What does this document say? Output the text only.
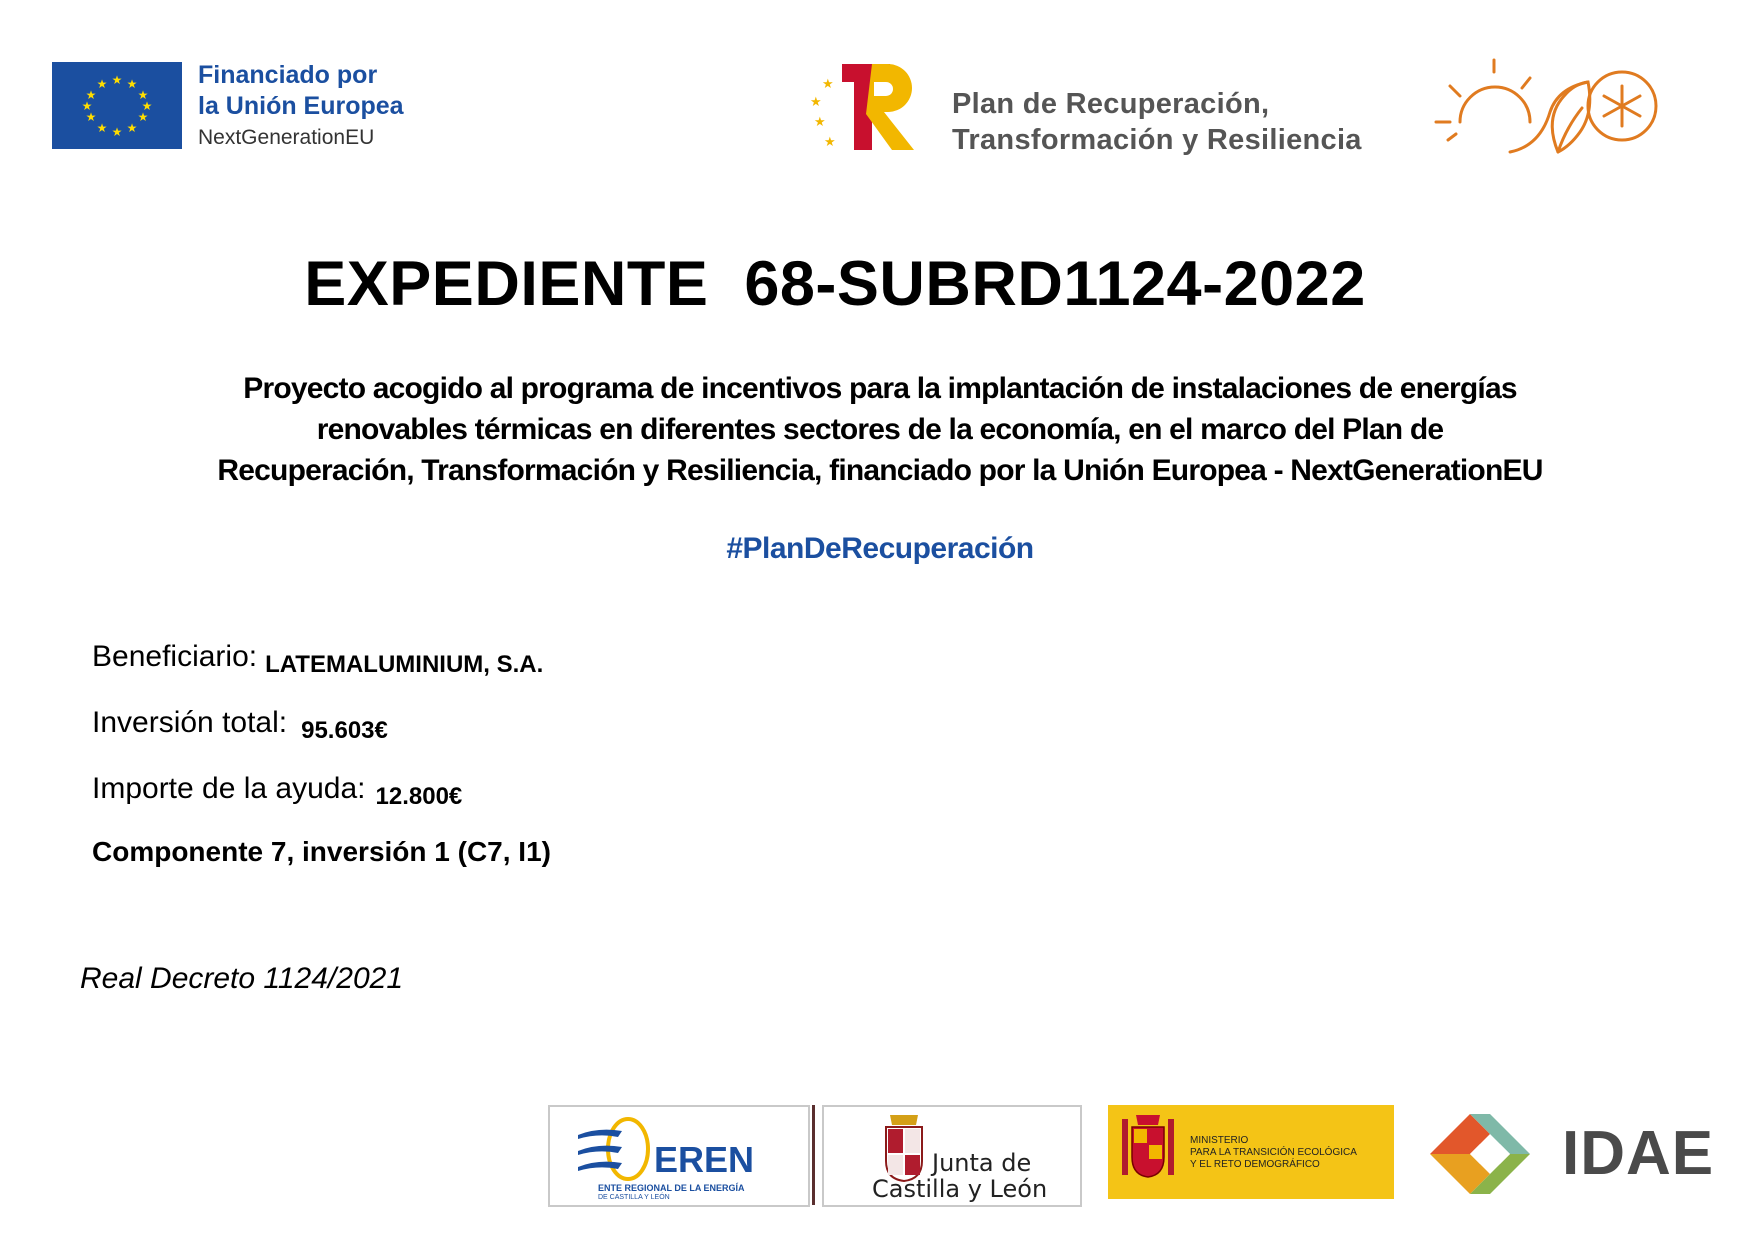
★ ★
★
★
★
★
★
★
★
★
★
★	Financiado por
la Unión Europea
NextGenerationEU
★
★
★
★
Plan de Recuperación,
Transformación y Resiliencia
EXPEDIENTE  68-SUBRD1124-2022
Proyecto acogido al programa de incentivos para la implantación de instalaciones de energías
renovables térmicas en diferentes sectores de la economía, en el marco del Plan de
Recuperación, Transformación y Resiliencia, financiado por la Unión Europea - NextGenerationEU
#PlanDeRecuperación
Beneficiario: $_{LATEMALUMINIUM, S.A.}$
Inversión total: $_{95.603€}$
Importe de la ayuda: $_{12.800€}$
Componente 7, inversión 1 (C7, I1)
Real Decreto 1124/2021
EREN
ENTE REGIONAL DE LA ENERGÍA
DE CASTILLA Y LEÓN
Junta de
Castilla y León
MINISTERIO
PARA LA TRANSICIÓN ECOLÓGICA
Y EL RETO DEMOGRÁFICO	IDAE
